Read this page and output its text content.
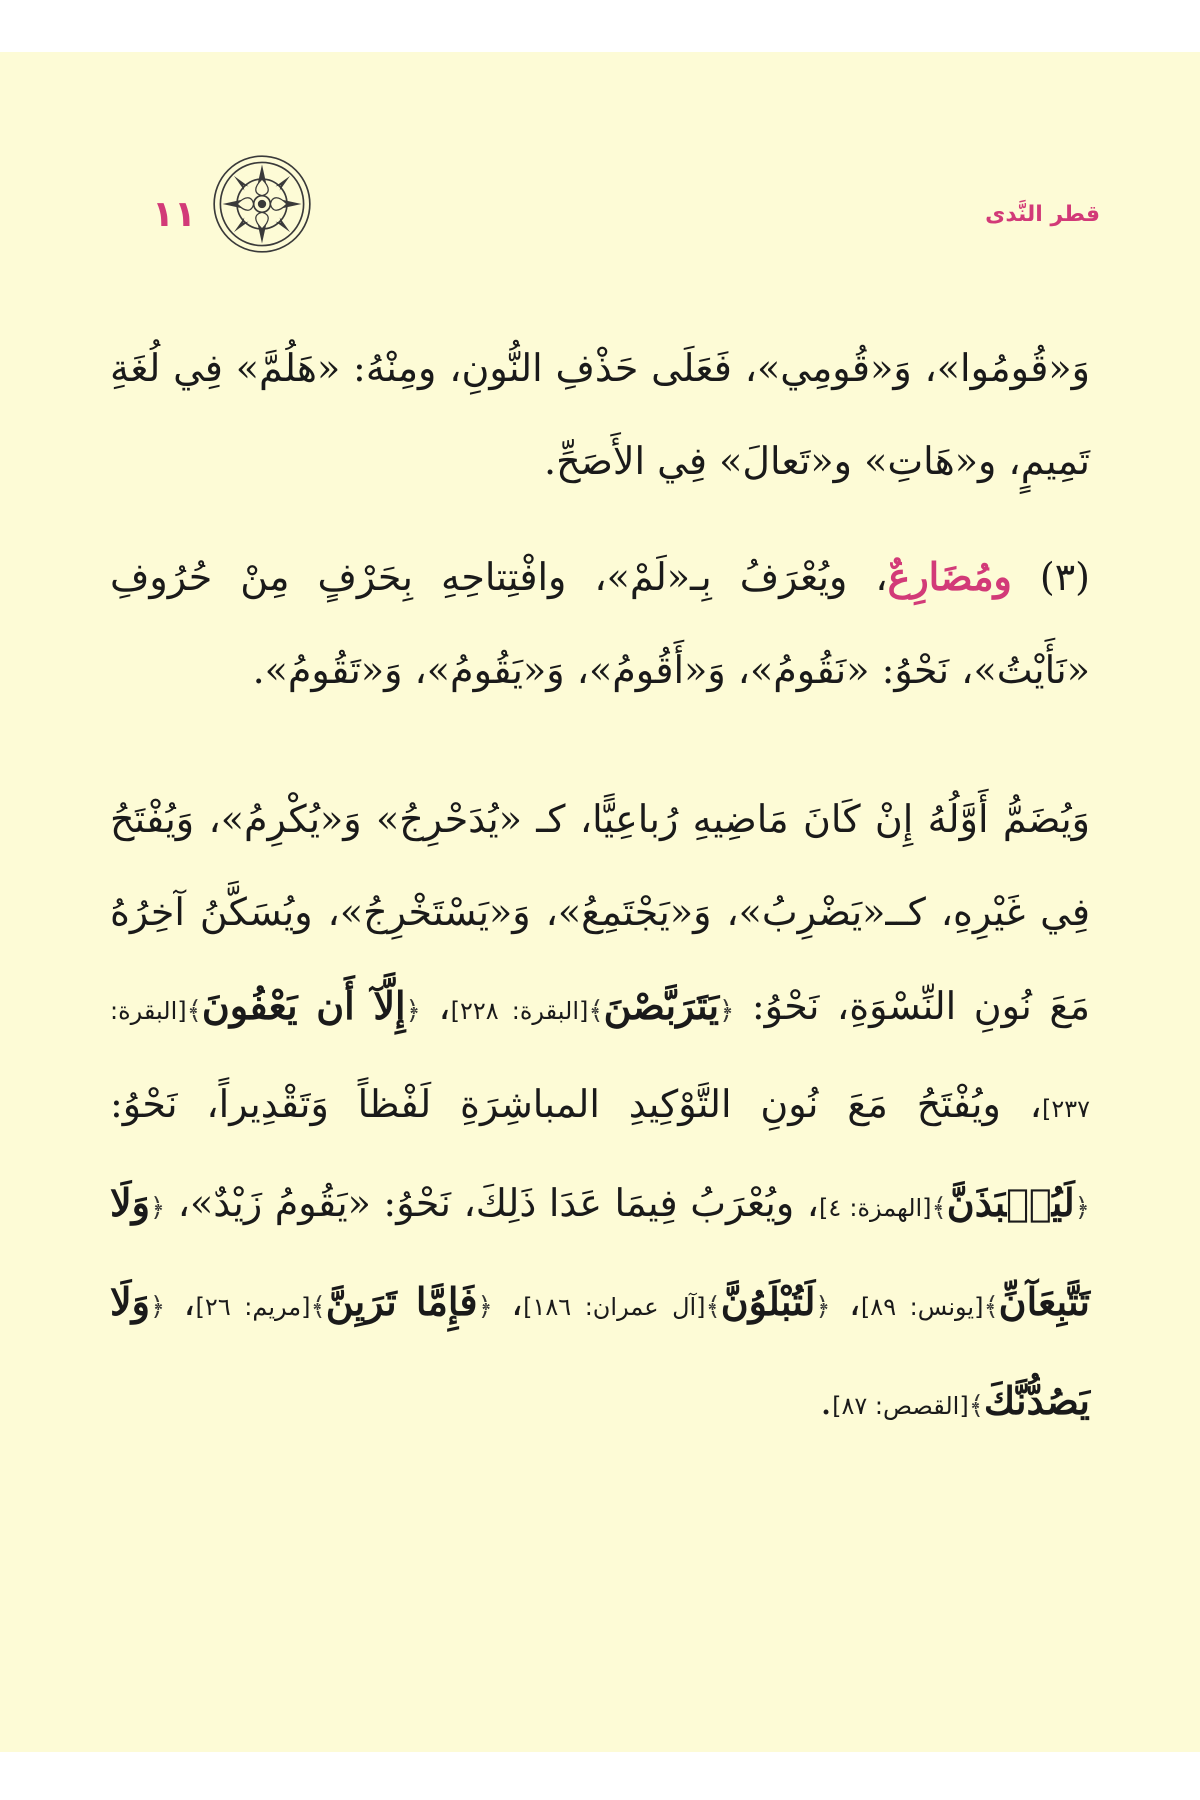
قطر النَّدى
١١

وَ«قُومُوا»، وَ«قُومِي»، فَعَلَى حَذْفِ النُّونِ، ومِنْهُ: «هَلُمَّ» فِي لُغَةِ تَمِيمٍ، و«هَاتِ» و«تَعالَ» فِي الأَصَحِّ.

(٣) ومُضَارِعٌ، ويُعْرَفُ بِـ«لَمْ»، وافْتِتاحِهِ بِحَرْفٍ مِنْ حُرُوفِ «نَأَيْتُ»، نَحْوُ: «نَقُومُ»، وَ«أَقُومُ»، وَ«يَقُومُ»، وَ«تَقُومُ».

وَيُضَمُّ أَوَّلُهُ إِنْ كَانَ مَاضِيهِ رُباعِيًّا، كـ «يُدَحْرِجُ» وَ«يُكْرِمُ»، وَيُفْتَحُ فِي غَيْرِهِ، كــ«يَضْرِبُ»، وَ«يَجْتَمِعُ»، وَ«يَسْتَخْرِجُ»، ويُسَكَّنُ آخِرُهُ مَعَ نُونِ النِّسْوَةِ، نَحْوُ: ﴿يَتَرَبَّصْنَ﴾[البقرة: ٢٢٨]، ﴿إِلَّآ أَن يَعْفُونَ﴾[البقرة: ٢٣٧]، ويُفْتَحُ مَعَ نُونِ التَّوْكِيدِ المباشِرَةِ لَفْظاً وَتَقْدِيراً، نَحْوُ: ﴿لَيُنۢبَذَنَّ﴾[الهمزة: ٤]، ويُعْرَبُ فِيمَا عَدَا ذَلِكَ، نَحْوُ: «يَقُومُ زَيْدٌ»، ﴿وَلَا تَتَّبِعَآنِّ﴾[يونس: ٨٩]، ﴿لَتُبْلَوُنَّ﴾[آل عمران: ١٨٦]، ﴿فَإِمَّا تَرَيِنَّ﴾[مريم: ٢٦]، ﴿وَلَا يَصُدُّنَّكَ﴾[القصص: ٨٧].
